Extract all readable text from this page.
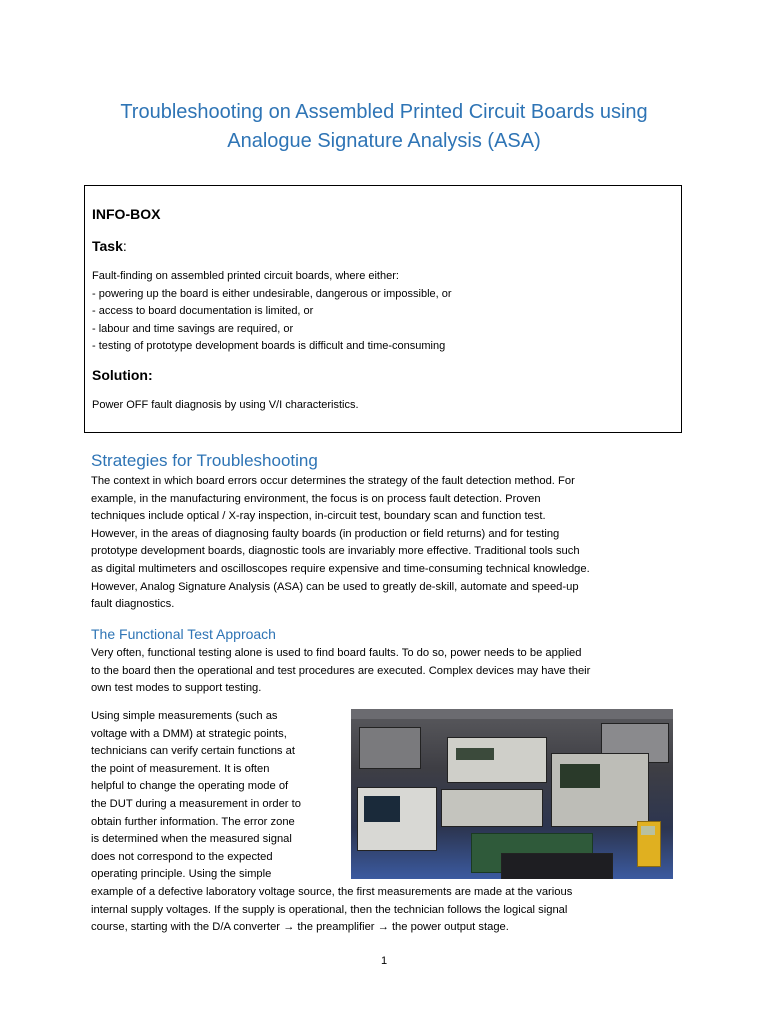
Troubleshooting on Assembled Printed Circuit Boards using
Analogue Signature Analysis (ASA)
INFO-BOX
Task:
Fault-finding on assembled printed circuit boards, where either:
- powering up the board is either undesirable, dangerous or impossible, or
- access to board documentation is limited, or
- labour and time savings are required, or
- testing of prototype development boards is difficult and time-consuming
Solution:
Power OFF fault diagnosis by using V/I characteristics.
Strategies for Troubleshooting
The context in which board errors occur determines the strategy of the fault detection method. For
example, in the manufacturing environment, the focus is on process fault detection. Proven
techniques include optical / X-ray inspection, in-circuit test, boundary scan and function test.
However, in the areas of diagnosing faulty boards (in production or field returns) and for testing
prototype development boards, diagnostic tools are invariably more effective. Traditional tools such
as digital multimeters and oscilloscopes require expensive and time-consuming technical knowledge.
However, Analog Signature Analysis (ASA) can be used to greatly de-skill, automate and speed-up
fault diagnostics.
The Functional Test Approach
Very often, functional testing alone is used to find board faults. To do so, power needs to be applied
to the board then the operational and test procedures are executed. Complex devices may have their
own test modes to support testing.
Using simple measurements (such as
voltage with a DMM) at strategic points,
technicians can verify certain functions at
the point of measurement. It is often
helpful to change the operating mode of
the DUT during a measurement in order to
obtain further information. The error zone
is determined when the measured signal
does not correspond to the expected
operating principle. Using the simple
example of a defective laboratory voltage source, the first measurements are made at the various
internal supply voltages. If the supply is operational, then the technician follows the logical signal
course, starting with the D/A converter → the preamplifier → the power output stage.
1
